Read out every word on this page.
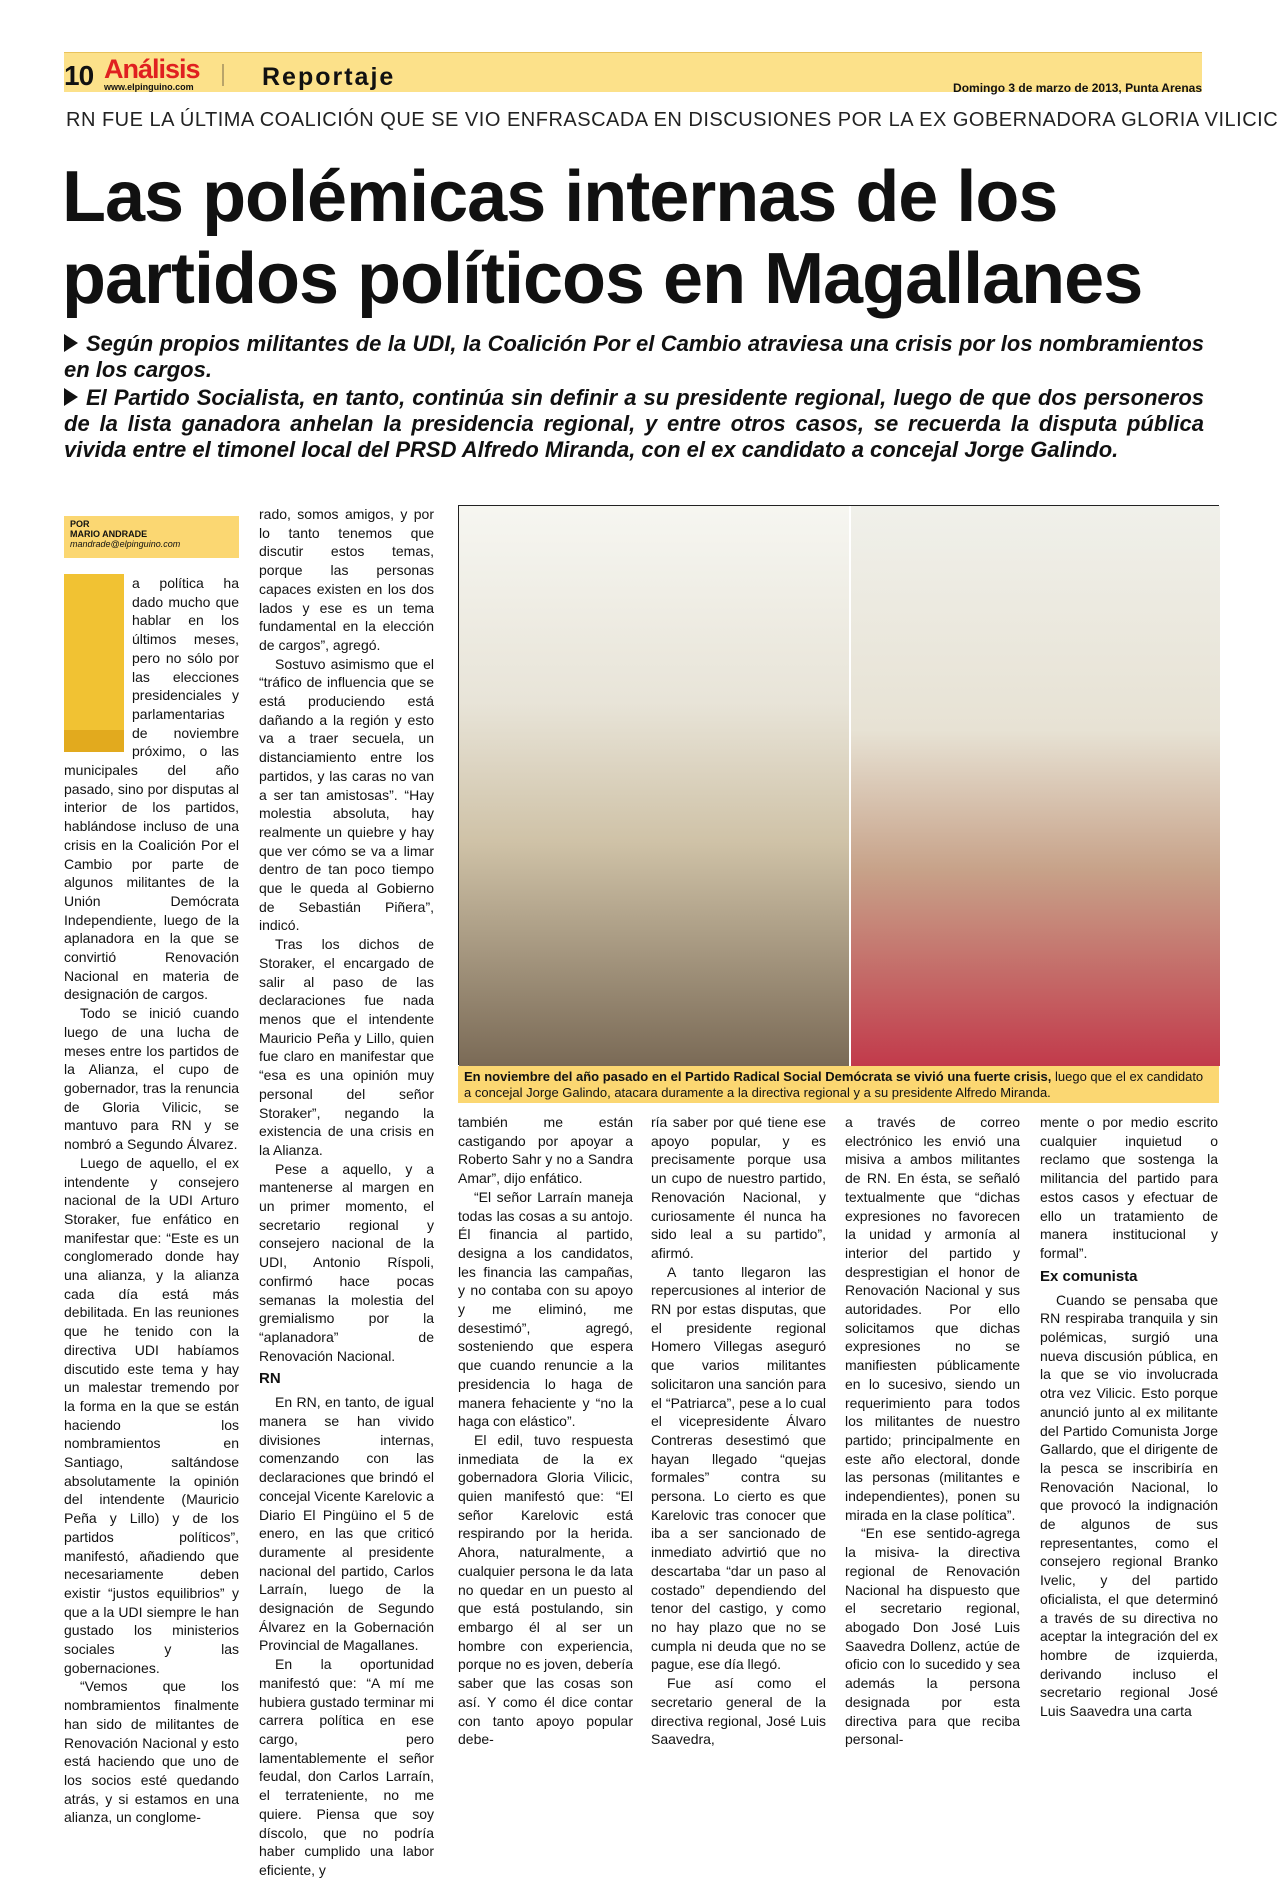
10 Análisis
www.elpinguino.com	Reportaje	Domingo 3 de marzo de 2013, Punta Arenas
RN FUE LA ÚLTIMA COALICIÓN QUE SE VIO ENFRASCADA EN DISCUSIONES POR LA EX GOBERNADORA GLORIA VILICIC
Las polémicas internas de los
partidos políticos en Magallanes
Según propios militantes de la UDI, la Coalición Por el Cambio atraviesa una crisis por los nombramientos en los cargos.
El Partido Socialista, en tanto, continúa sin definir a su presidente regional, luego de que dos personeros de la lista ganadora anhelan la presidencia regional, y entre otros casos, se recuerda la disputa pública vivida entre el timonel local del PRSD Alfredo Miranda, con el ex candidato a concejal Jorge Galindo.
POR
MARIO ANDRADE
mandrade@elpinguino.com

a política ha dado mucho que hablar en los últimos meses, pero no sólo por las elecciones presidenciales y parlamentarias de noviembre próximo, o las municipales del año pasado, sino por disputas al interior de los partidos, hablándose incluso de una crisis en la Coalición Por el Cambio por parte de algunos militantes de la Unión Demócrata Independiente, luego de la aplanadora en la que se convirtió Renovación Nacional en materia de designación de cargos.

Todo se inició cuando luego de una lucha de meses entre los partidos de la Alianza, el cupo de gobernador, tras la renuncia de Gloria Vilicic, se mantuvo para RN y se nombró a Segundo Álvarez.

Luego de aquello, el ex intendente y consejero nacional de la UDI Arturo Storaker, fue enfático en manifestar que: “Este es un conglomerado donde hay una alianza, y la alianza cada día está más debilitada. En las reuniones que he tenido con la directiva UDI habíamos discutido este tema y hay un malestar tremendo por la forma en la que se están haciendo los nombramientos en Santiago, saltándose absolutamente la opinión del intendente (Mauricio Peña y Lillo) y de los partidos políticos”, manifestó, añadiendo que necesariamente deben existir “justos equilibrios” y que a la UDI siempre le han gustado los ministerios sociales y las gobernaciones.

“Vemos que los nombramientos finalmente han sido de militantes de Renovación Nacional y esto está haciendo que uno de los socios esté quedando atrás, y si estamos en una alianza, un conglome-

rado, somos amigos, y por lo tanto tenemos que discutir estos temas, porque las personas capaces existen en los dos lados y ese es un tema fundamental en la elección de cargos”, agregó.

Sostuvo asimismo que el “tráfico de influencia que se está produciendo está dañando a la región y esto va a traer secuela, un distanciamiento entre los partidos, y las caras no van a ser tan amistosas”. “Hay molestia absoluta, hay realmente un quiebre y hay que ver cómo se va a limar dentro de tan poco tiempo que le queda al Gobierno de Sebastián Piñera”, indicó.

Tras los dichos de Storaker, el encargado de salir al paso de las declaraciones fue nada menos que el intendente Mauricio Peña y Lillo, quien fue claro en manifestar que “esa es una opinión muy personal del señor Storaker”, negando la existencia de una crisis en la Alianza.

Pese a aquello, y a mantenerse al margen en un primer momento, el secretario regional y consejero nacional de la UDI, Antonio Ríspoli, confirmó hace pocas semanas la molestia del gremialismo por la “aplanadora” de Renovación Nacional.

RN

En RN, en tanto, de igual manera se han vivido divisiones internas, comenzando con las declaraciones que brindó el concejal Vicente Karelovic a Diario El Pingüino el 5 de enero, en las que criticó duramente al presidente nacional del partido, Carlos Larraín, luego de la designación de Segundo Álvarez en la Gobernación Provincial de Magallanes.

En la oportunidad manifestó que: “A mí me hubiera gustado terminar mi carrera política en ese cargo, pero lamentablemente el señor feudal, don Carlos Larraín, el terrateniente, no me quiere. Piensa que soy díscolo, que no podría haber cumplido una labor eficiente, y

En noviembre del año pasado en el Partido Radical Social Demócrata se vivió una fuerte crisis, luego que el ex candidato a concejal Jorge Galindo, atacara duramente a la directiva regional y a su presidente Alfredo Miranda.

también me están castigando por apoyar a Roberto Sahr y no a Sandra Amar”, dijo enfático.

“El señor Larraín maneja todas las cosas a su antojo. Él financia al partido, designa a los candidatos, les financia las campañas, y no contaba con su apoyo y me eliminó, me desestimó”, agregó, sosteniendo que espera que cuando renuncie a la presidencia lo haga de manera fehaciente y “no la haga con elástico”.

El edil, tuvo respuesta inmediata de la ex gobernadora Gloria Vilicic, quien manifestó que: “El señor Karelovic está respirando por la herida. Ahora, naturalmente, a cualquier persona le da lata no quedar en un puesto al que está postulando, sin embargo él al ser un hombre con experiencia, porque no es joven, debería saber que las cosas son así. Y como él dice contar con tanto apoyo popular debe-

ría saber por qué tiene ese apoyo popular, y es precisamente porque usa un cupo de nuestro partido, Renovación Nacional, y curiosamente él nunca ha sido leal a su partido”, afirmó.

A tanto llegaron las repercusiones al interior de RN por estas disputas, que el presidente regional Homero Villegas aseguró que varios militantes solicitaron una sanción para el “Patriarca”, pese a lo cual el vicepresidente Álvaro Contreras desestimó que hayan llegado “quejas formales” contra su persona. Lo cierto es que Karelovic tras conocer que iba a ser sancionado de inmediato advirtió que no descartaba “dar un paso al costado” dependiendo del tenor del castigo, y como no hay plazo que no se cumpla ni deuda que no se pague, ese día llegó.

Fue así como el secretario general de la directiva regional, José Luis Saavedra,

a través de correo electrónico les envió una misiva a ambos militantes de RN. En ésta, se señaló textualmente que “dichas expresiones no favorecen la unidad y armonía al interior del partido y desprestigian el honor de Renovación Nacional y sus autoridades. Por ello solicitamos que dichas expresiones no se manifiesten públicamente en lo sucesivo, siendo un requerimiento para todos los militantes de nuestro partido; principalmente en este año electoral, donde las personas (militantes e independientes), ponen su mirada en la clase política”.

“En ese sentido-agrega la misiva- la directiva regional de Renovación Nacional ha dispuesto que el secretario regional, abogado Don José Luis Saavedra Dollenz, actúe de oficio con lo sucedido y sea además la persona designada por esta directiva para que reciba personal-

mente o por medio escrito cualquier inquietud o reclamo que sostenga la militancia del partido para estos casos y efectuar de ello un tratamiento de manera institucional y formal”.

Ex comunista

Cuando se pensaba que RN respiraba tranquila y sin polémicas, surgió una nueva discusión pública, en la que se vio involucrada otra vez Vilicic. Esto porque anunció junto al ex militante del Partido Comunista Jorge Gallardo, que el dirigente de la pesca se inscribiría en Renovación Nacional, lo que provocó la indignación de algunos de sus representantes, como el consejero regional Branko Ivelic, y del partido oficialista, el que determinó a través de su directiva no aceptar la integración del ex hombre de izquierda, derivando incluso el secretario regional José Luis Saavedra una carta
